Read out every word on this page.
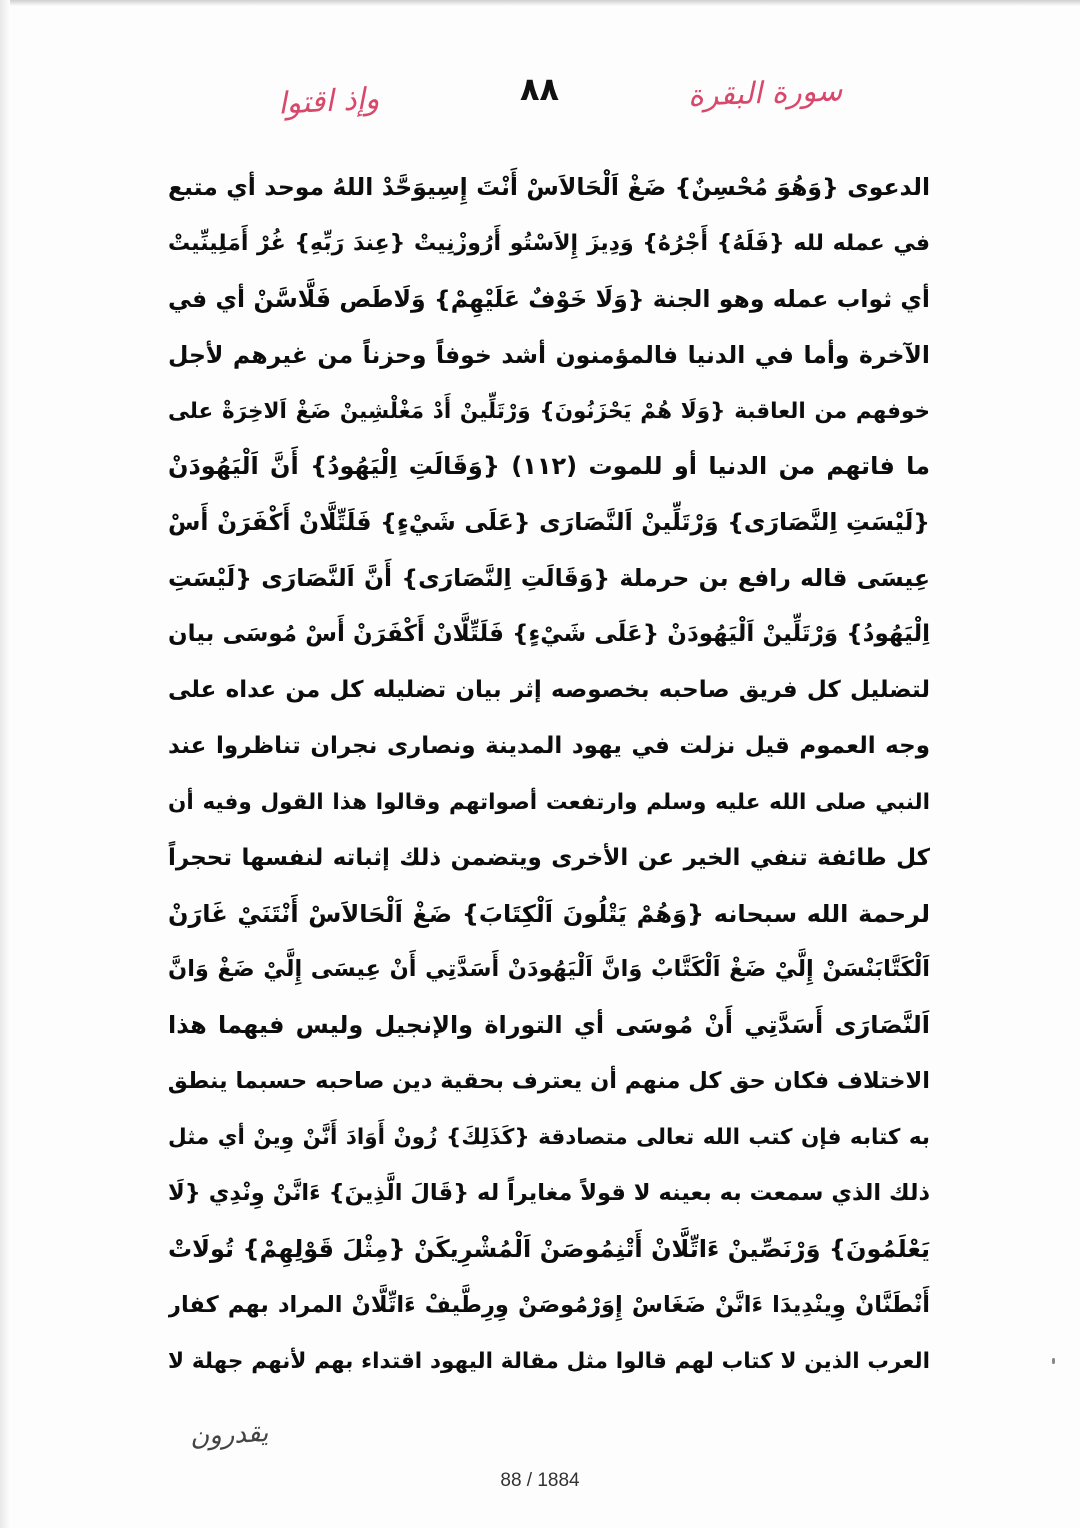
سورة البقرة
٨٨
وإذ اقتوا
الدعوى {وَهُوَ مُحْسِنٌ} ضَغْ اَلْحَالاَسْ أَنْتَ إِسِيوَحَّدْ اللهُ موحد أي متبع
في عمله لله {فَلَهُ} أَجْرُهُ} وَدِيزَ إِلاَسْتُو أَرُوزْنِيتْ {عِندَ رَبِّهِ} غُرْ أَمَلِينِّيتْ
أي ثواب عمله وهو الجنة {وَلَا خَوْفٌ عَلَيْهِمْ} وَلَاطَص فَلَّاسَّنْ أي في
الآخرة وأما في الدنيا فالمؤمنون أشد خوفاً وحزناً من غيرهم لأجل
خوفهم من العاقبة {وَلَا هُمْ يَحْزَنُونَ} وَرْتَلِّينْ أَدْ مَغْلْشِينْ ضَغْ اَلاخِرَةْ على
ما فاتهم من الدنيا أو للموت (١١٢) {وَقَالَتِ اِلْيَهُودُ} أَنَّ اَلْيَهُودَنْ
{لَيْسَتِ اِلنَّصَارَى} وَرْتَلِّينْ اَلنَّصَارَى {عَلَى شَيْءٍ} فَلَتِّلَّانْ أَكْفَرَنْ أَسْ
عِيسَى قاله رافع بن حرملة {وَقَالَتِ اِلنَّصَارَى} أَنَّ اَلنَّصَارَى {لَيْسَتِ
اِلْيَهُودُ} وَرْتَلِّينْ اَلْيَهُودَنْ {عَلَى شَيْءٍ} فَلَتِّلَّانْ أَكْفَرَنْ أَسْ مُوسَى بيان
لتضليل كل فريق صاحبه بخصوصه إثر بيان تضليله كل من عداه على
وجه العموم قيل نزلت في يهود المدينة ونصارى نجران تناظروا عند
النبي صلى الله عليه وسلم وارتفعت أصواتهم وقالوا هذا القول وفيه أن
كل طائفة تنفي الخير عن الأخرى ويتضمن ذلك إثباته لنفسها تحجراً
لرحمة الله سبحانه {وَهُمْ يَتْلُونَ اَلْكِتَابَ} ضَغْ اَلْحَالاَسْ أَنْتَنَيْ غَارَنْ
اَلْكَتَّابَنْسَنْ إِلَّيْ ضَغْ اَلْكَتَّابْ وَانَّ اَلْيَهُودَنْ أَسَدَّتِي أَنْ عِيسَى إِلَّيْ ضَغْ وَانَّ
اَلنَّصَارَى أَسَدَّتِي أَنْ مُوسَى أي التوراة والإنجيل وليس فيهما هذا
الاختلاف فكان حق كل منهم أن يعترف بحقية دين صاحبه حسبما ينطق
به كتابه فإن كتب الله تعالى متصادقة {كَذَلِكَ} زُونْ أَوَادَ أَنَّنْ وِينْ أي مثل
ذلك الذي سمعت به بعينه لا قولاً مغايراً له {قَالَ الَّذِينَ} ءَانَّنْ وِنْدِي {لَا
يَعْلَمُونَ} وَرْنَصِّينْ ءَاتِّلَّانْ أَتْنِمُوصَنْ اَلْمُشْرِيكَنْ {مِثْلَ قَوْلِهِمْ} تُولَاتْ
أَنْطَنَّانْ وِينْدِيدَا ءَانَّنْ ضَغَاسْ إِوَرْمُوصَنْ وِرِطَّيفْ ءَاتِّلَّانْ المراد بهم كفار
العرب الذين لا كتاب لهم قالوا مثل مقالة اليهود اقتداء بهم لأنهم جهلة لا
يقدرون
88 / 1884
